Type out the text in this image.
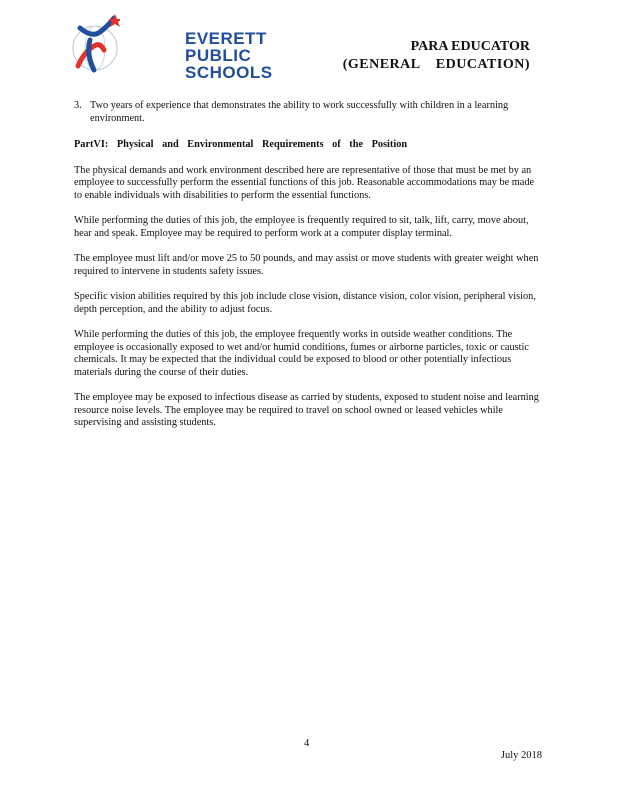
EVERETT
PUBLIC
SCHOOLS
PARA EDUCATOR
(GENERAL    EDUCATION)
3. Two years of experience that demonstrates the ability to work successfully with children in a learning environment.
PartVI: Physical and Environmental Requirements of the Position

The physical demands and work environment described here are representative of those that must be met by an employee to successfully perform the essential functions of this job. Reasonable accommodations may be made to enable individuals with disabilities to perform the essential functions.

While performing the duties of this job, the employee is frequently required to sit, talk, lift, carry, move about, hear and speak. Employee may be required to perform work at a computer display terminal.

The employee must lift and/or move 25 to 50 pounds, and may assist or move students with greater weight when required to intervene in students safety issues.

Specific vision abilities required by this job include close vision, distance vision, color vision, peripheral vision, depth perception, and the ability to adjust focus.

While performing the duties of this job, the employee frequently works in outside weather conditions. The employee is occasionally exposed to wet and/or humid conditions, fumes or airborne particles, toxic or caustic chemicals. It may be expected that the individual could be exposed to blood or other potentially infectious materials during the course of their duties.

The employee may be exposed to infectious disease as carried by students, exposed to student noise and learning resource noise levels. The employee may be required to travel on school owned or leased vehicles while supervising and assisting students.

4
July 2018
